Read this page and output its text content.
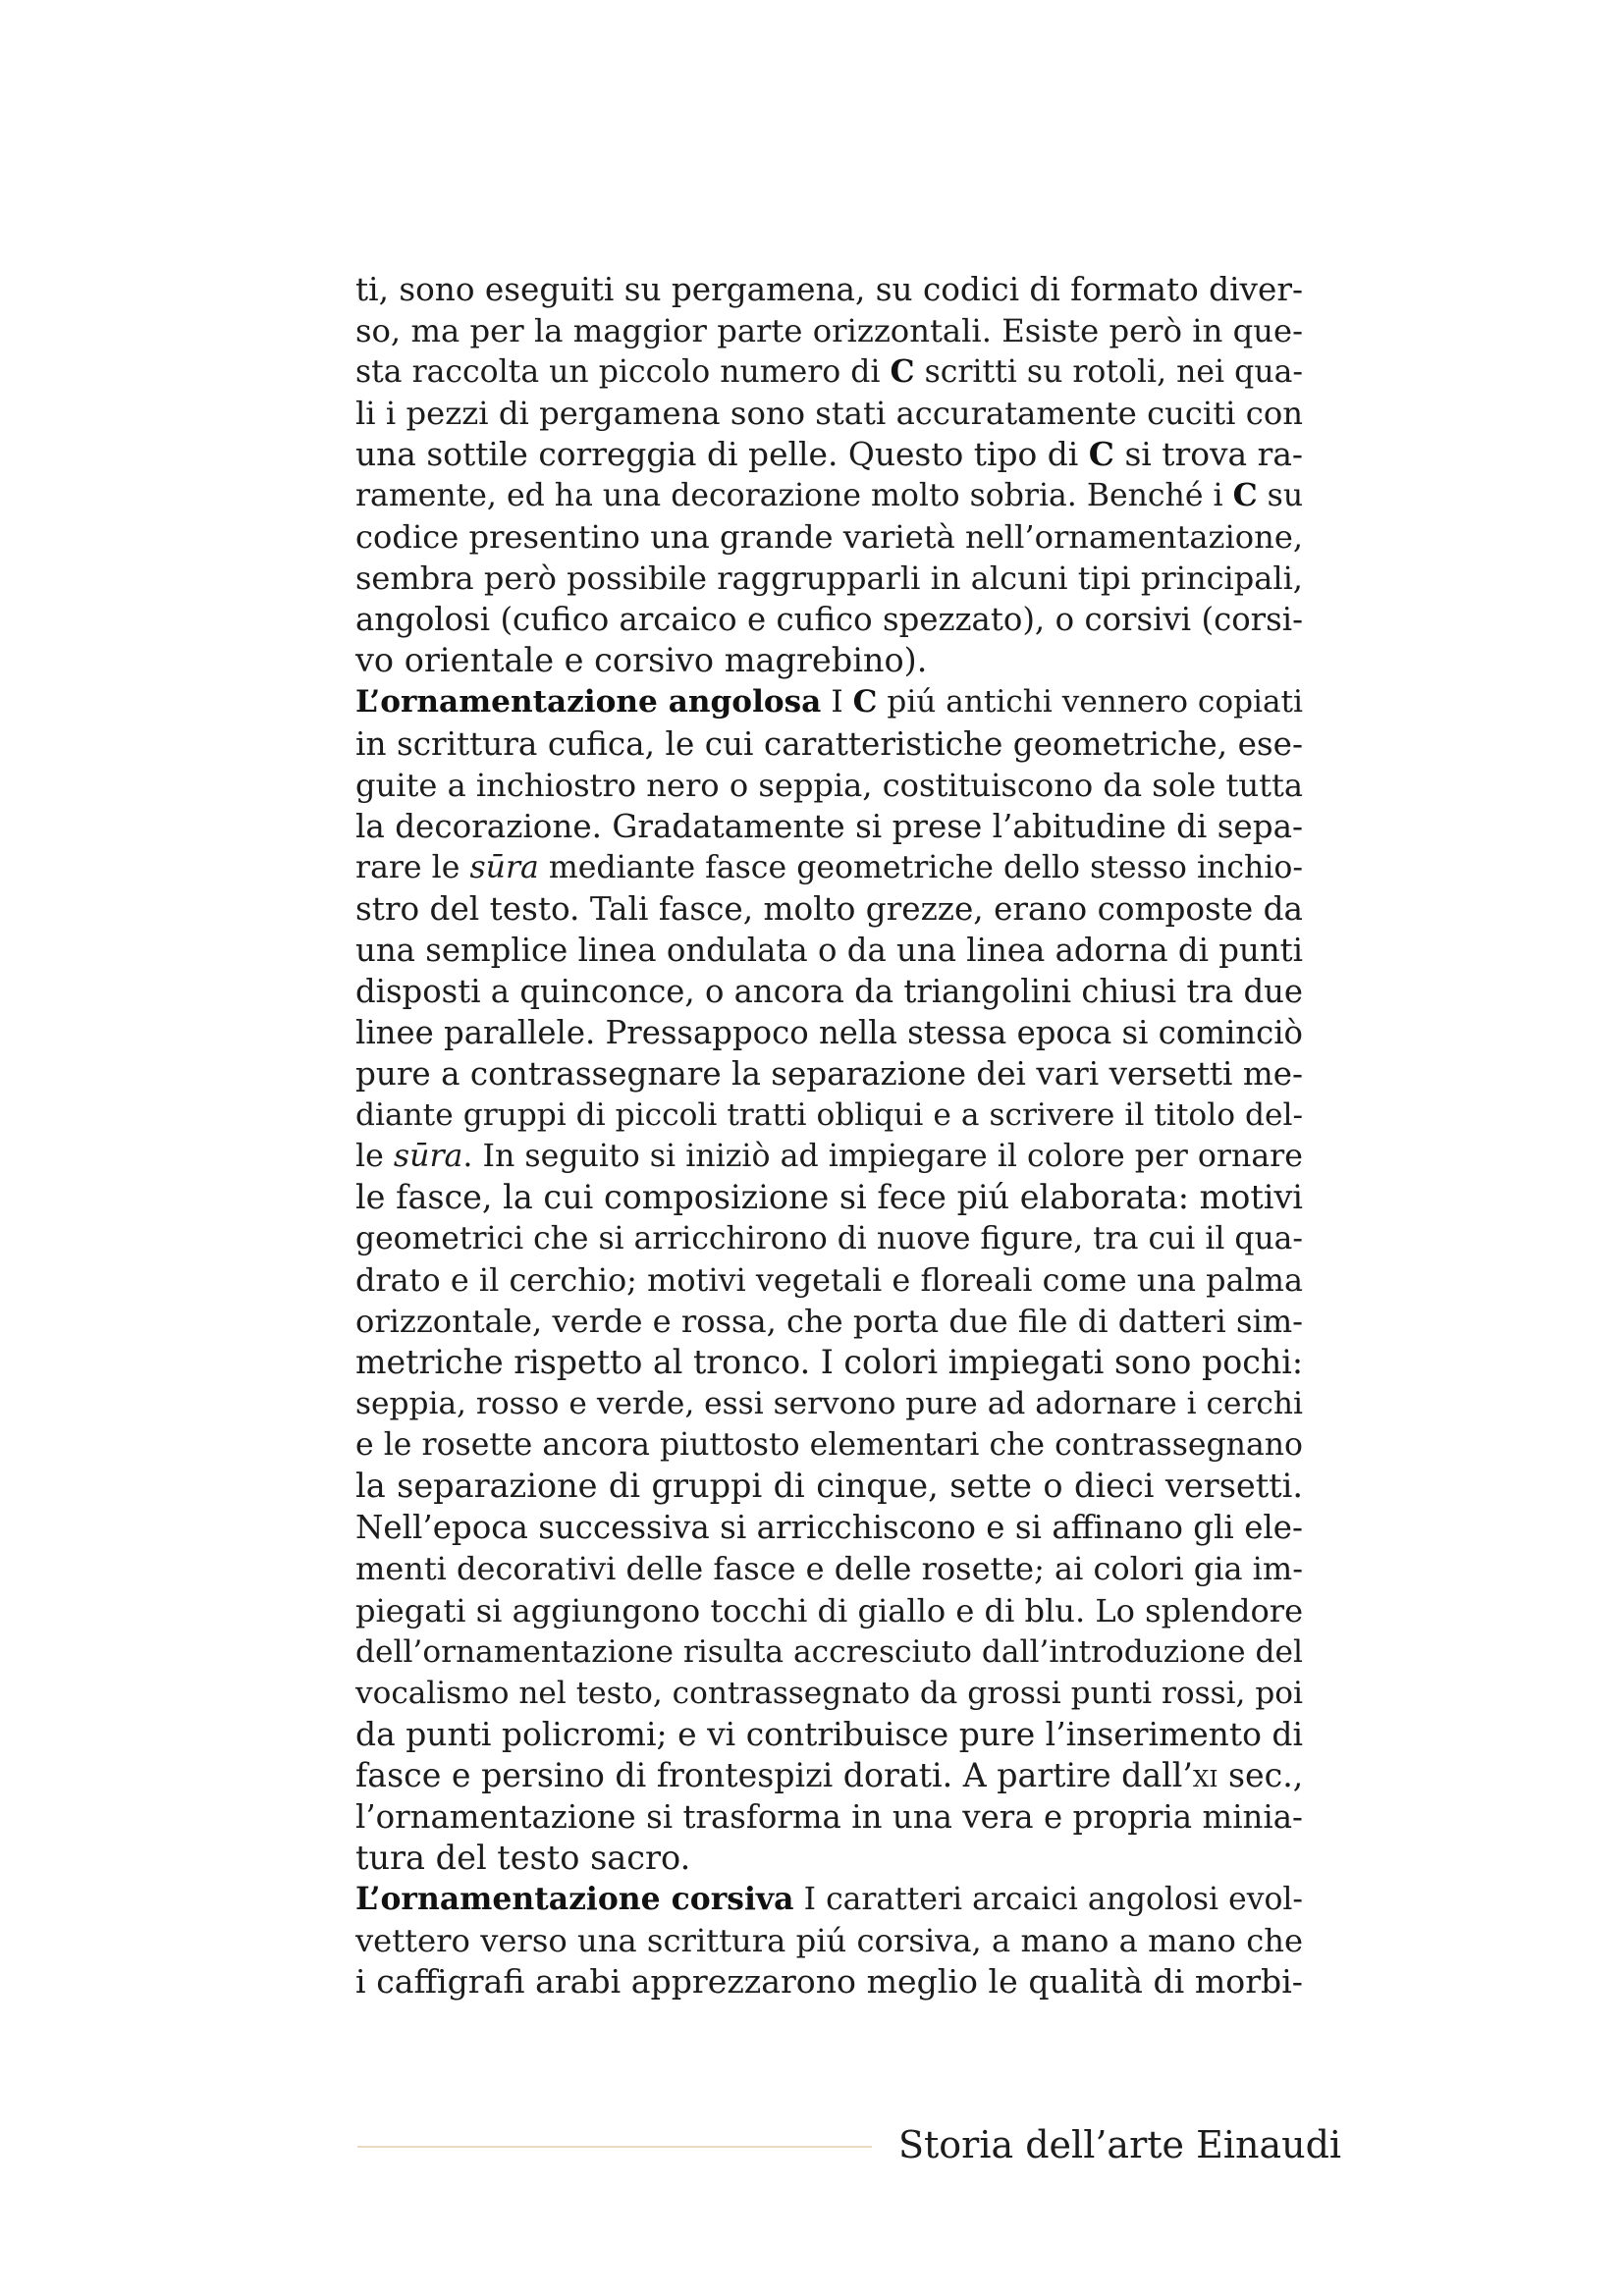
ti, sono eseguiti su pergamena, su codici di formato diver-
so, ma per la maggior parte orizzontali. Esiste però in que-
sta raccolta un piccolo numero di C scritti su rotoli, nei qua-
li i pezzi di pergamena sono stati accuratamente cuciti con
una sottile correggia di pelle. Questo tipo di C si trova ra-
ramente, ed ha una decorazione molto sobria. Benché i C su
codice presentino una grande varietà nell’ornamentazione,
sembra però possibile raggrupparli in alcuni tipi principali,
angolosi (cufico arcaico e cufico spezzato), o corsivi (corsi-
vo orientale e corsivo magrebino).
L’ornamentazione angolosa I C piú antichi vennero copiati
in scrittura cufica, le cui caratteristiche geometriche, ese-
guite a inchiostro nero o seppia, costituiscono da sole tutta
la decorazione. Gradatamente si prese l’abitudine di sepa-
rare le sūra mediante fasce geometriche dello stesso inchio-
stro del testo. Tali fasce, molto grezze, erano composte da
una semplice linea ondulata o da una linea adorna di punti
disposti a quinconce, o ancora da triangolini chiusi tra due
linee parallele. Pressappoco nella stessa epoca si cominciò
pure a contrassegnare la separazione dei vari versetti me-
diante gruppi di piccoli tratti obliqui e a scrivere il titolo del-
le sūra. In seguito si iniziò ad impiegare il colore per ornare
le fasce, la cui composizione si fece piú elaborata: motivi
geometrici che si arricchirono di nuove figure, tra cui il qua-
drato e il cerchio; motivi vegetali e floreali come una palma
orizzontale, verde e rossa, che porta due file di datteri sim-
metriche rispetto al tronco. I colori impiegati sono pochi:
seppia, rosso e verde, essi servono pure ad adornare i cerchi
e le rosette ancora piuttosto elementari che contrassegnano
la separazione di gruppi di cinque, sette o dieci versetti.
Nell’epoca successiva si arricchiscono e si affinano gli ele-
menti decorativi delle fasce e delle rosette; ai colori gia im-
piegati si aggiungono tocchi di giallo e di blu. Lo splendore
dell’ornamentazione risulta accresciuto dall’introduzione del
vocalismo nel testo, contrassegnato da grossi punti rossi, poi
da punti policromi; e vi contribuisce pure l’inserimento di
fasce e persino di frontespizi dorati. A partire dall’xi sec.,
l’ornamentazione si trasforma in una vera e propria minia-
tura del testo sacro.
L’ornamentazione corsiva I caratteri arcaici angolosi evol-
vettero verso una scrittura piú corsiva, a mano a mano che
i caffigrafi arabi apprezzarono meglio le qualità di morbi-
Storia dell’arte Einaudi
